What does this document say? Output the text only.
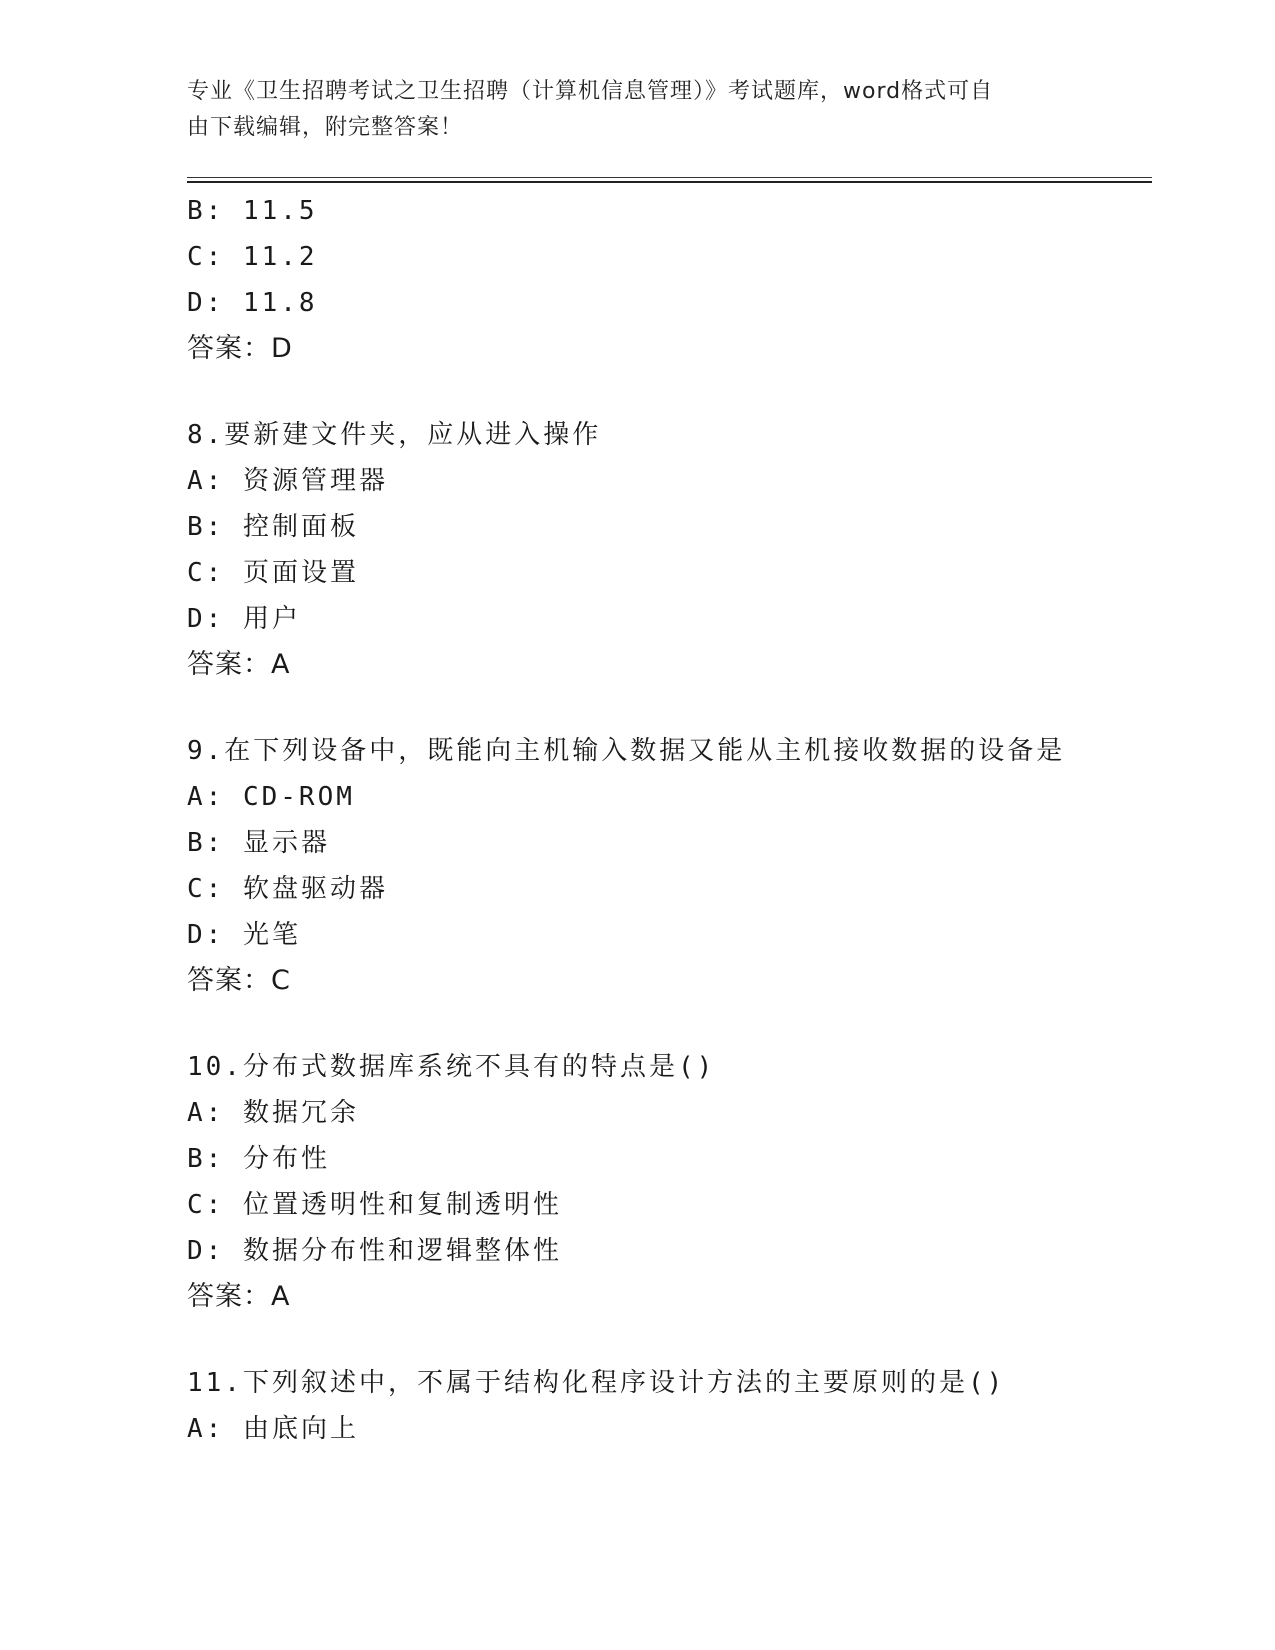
专业《卫生招聘考试之卫生招聘（计算机信息管理）》考试题库，word格式可自
由下载编辑，附完整答案！
B: 11.5
C: 11.2
D: 11.8
答案：D
8.要新建文件夹，应从进入操作
A: 资源管理器
B: 控制面板
C: 页面设置
D: 用户
答案：A
9.在下列设备中，既能向主机输入数据又能从主机接收数据的设备是
A: CD-ROM
B: 显示器
C: 软盘驱动器
D: 光笔
答案：C
10.分布式数据库系统不具有的特点是()
A: 数据冗余
B: 分布性
C: 位置透明性和复制透明性
D: 数据分布性和逻辑整体性
答案：A
11.下列叙述中，不属于结构化程序设计方法的主要原则的是()
A: 由底向上
